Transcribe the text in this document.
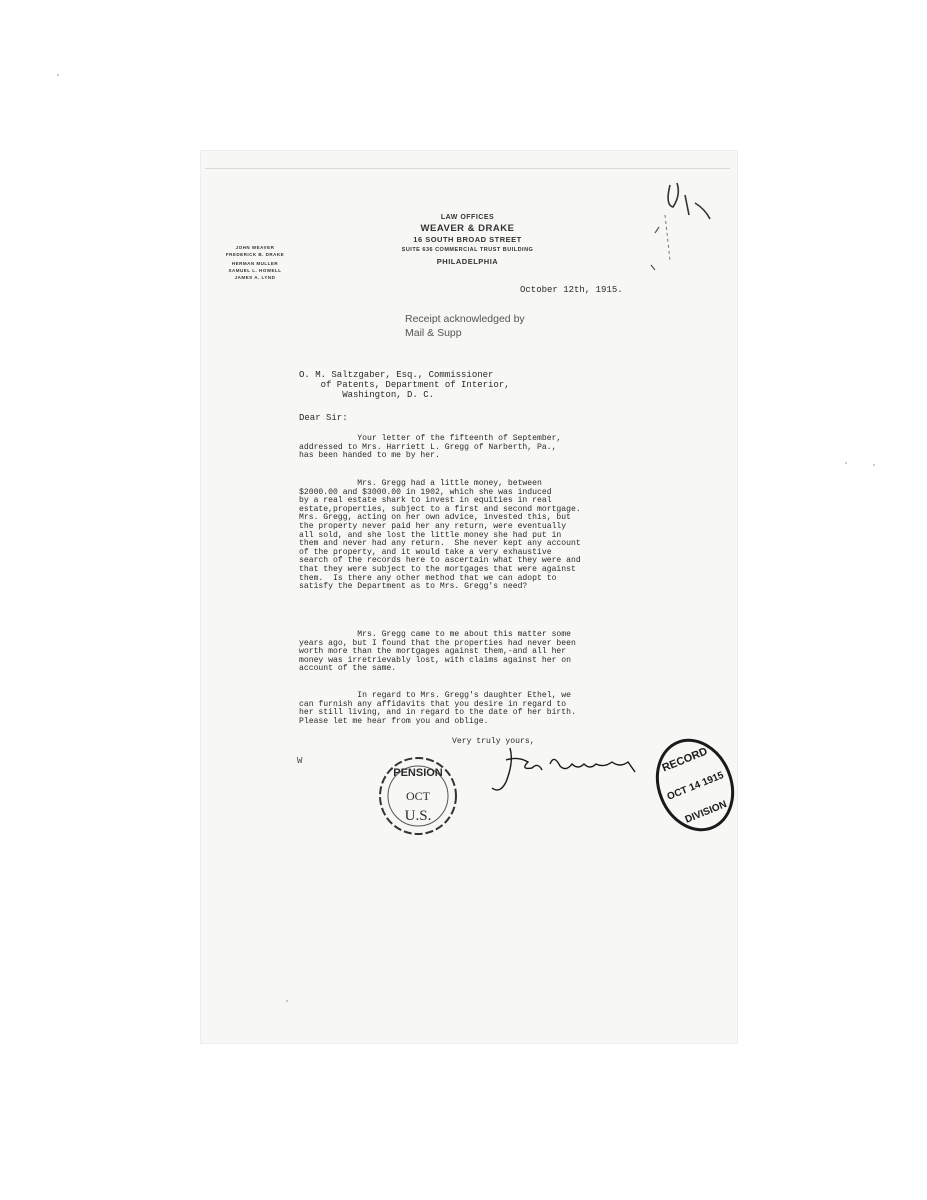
LAW OFFICES
WEAVER & DRAKE
16 SOUTH BROAD STREET
SUITE 636 COMMERCIAL TRUST BUILDING
PHILADELPHIA
JOHN WEAVER
FREDERICK B. DRAKE
HERMAN MULLER
SAMUEL L. HOWELL
JAMES A. LYND
October 12th, 1915.
Receipt acknowledged by
Mail & Supp
O. M. Saltzgaber, Esq., Commissioner
of Patents, Department of Interior,
Washington, D. C.
Dear Sir:
Your letter of the fifteenth of September,
addressed to Mrs. Harriett L. Gregg of Narberth, Pa.,
has been handed to me by her.
Mrs. Gregg had a little money, between
$2000.00 and $3000.00 in 1902, which she was induced
by a real estate shark to invest in equities in real
estate,properties, subject to a first and second mortgage.
Mrs. Gregg, acting on her own advice, invested this, but
the property never paid her any return, were eventually
all sold, and she lost the little money she had put in
them and never had any return.  She never kept any account
of the property, and it would take a very exhaustive
search of the records here to ascertain what they were and
that they were subject to the mortgages that were against
them.  Is there any other method that we can adopt to
satisfy the Department as to Mrs. Gregg's need?
Mrs. Gregg came to me about this matter some
years ago, but I found that the properties had never been
worth more than the mortgages against them,-and all her
money was irretrievably lost, with claims against her on
account of the same.
In regard to Mrs. Gregg's daughter Ethel, we
can furnish any affidavits that you desire in regard to
her still living, and in regard to the date of her birth.
Please let me hear from you and oblige.
Very truly yours,
W
PENSION
OCT
U.S.
RECORD
OCT 14 1915
DIVISION
